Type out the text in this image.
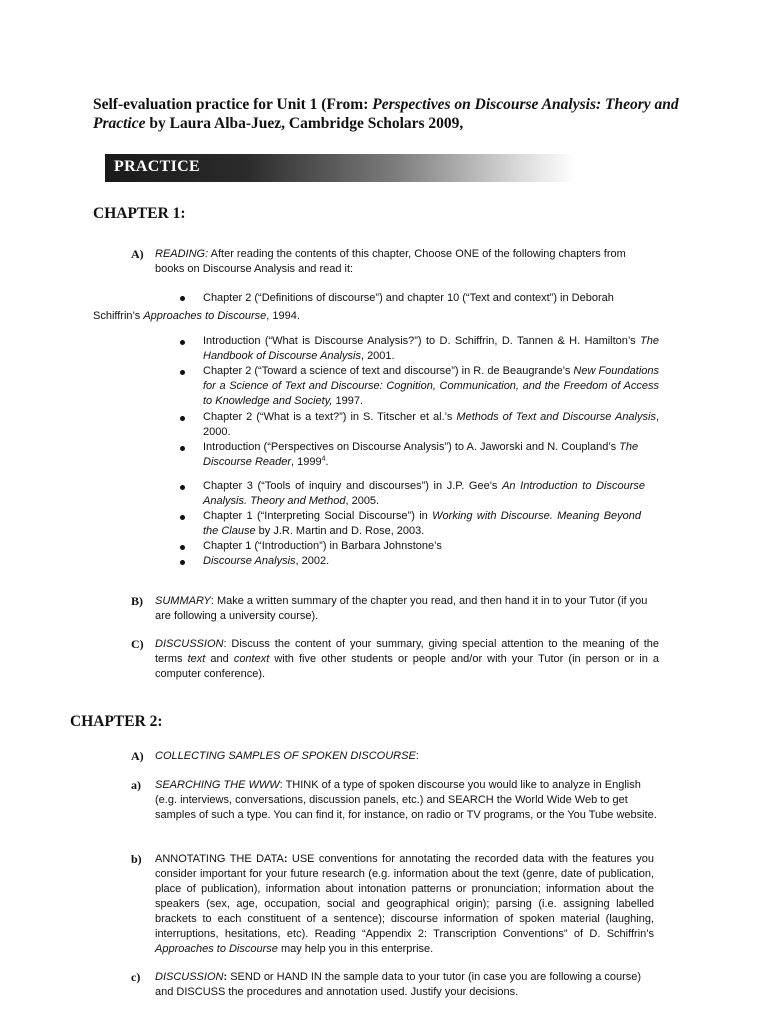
Self-evaluation practice for Unit 1 (From: Perspectives on Discourse Analysis: Theory and Practice by Laura Alba-Juez, Cambridge Scholars 2009,
PRACTICE
CHAPTER 1:
A) READING: After reading the contents of this chapter, Choose ONE of the following chapters from books on Discourse Analysis and read it:
Chapter 2 (“Definitions of discourse”) and chapter 10 (“Text and context”) in Deborah
Schiffrin’s Approaches to Discourse, 1994.
Introduction (“What is Discourse Analysis?”) to D. Schiffrin, D. Tannen & H. Hamilton’s The Handbook of Discourse Analysis, 2001.
Chapter 2 (“Toward a science of text and discourse”) in R. de Beaugrande’s New Foundations for a Science of Text and Discourse: Cognition, Communication, and the Freedom of Access to Knowledge and Society, 1997.
Chapter 2 (“What is a text?”) in S. Titscher et al.’s Methods of Text and Discourse Analysis, 2000.
Introduction (“Perspectives on Discourse Analysis”) to A. Jaworski and N. Coupland’s The Discourse Reader, 1999$^4$.
Chapter 3 (“Tools of inquiry and discourses”) in J.P. Gee’s An Introduction to Discourse Analysis. Theory and Method, 2005.
Chapter 1 (“Interpreting Social Discourse”) in Working with Discourse. Meaning Beyond the Clause by J.R. Martin and D. Rose, 2003.
Chapter 1 (“Introduction”) in Barbara Johnstone’s
Discourse Analysis, 2002.
B) SUMMARY: Make a written summary of the chapter you read, and then hand it in to your Tutor (if you are following a university course).
C) DISCUSSION: Discuss the content of your summary, giving special attention to the meaning of the terms text and context with five other students or people and/or with your Tutor (in person or in a computer conference).
CHAPTER 2:
A) COLLECTING SAMPLES OF SPOKEN DISCOURSE:
a) SEARCHING THE WWW: THINK of a type of spoken discourse you would like to analyze in English (e.g. interviews, conversations, discussion panels, etc.) and SEARCH the World Wide Web to get samples of such a type. You can find it, for instance, on radio or TV programs, or the You Tube website.
b) ANNOTATING THE DATA: USE conventions for annotating the recorded data with the features you consider important for your future research (e.g. information about the text (genre, date of publication, place of publication), information about intonation patterns or pronunciation; information about the speakers (sex, age, occupation, social and geographical origin); parsing (i.e. assigning labelled brackets to each constituent of a sentence); discourse information of spoken material (laughing, interruptions, hesitations, etc). Reading “Appendix 2: Transcription Conventions” of D. Schiffrin’s Approaches to Discourse may help you in this enterprise.
c) DISCUSSION: SEND or HAND IN the sample data to your tutor (in case you are following a course) and DISCUSS the procedures and annotation used. Justify your decisions.
